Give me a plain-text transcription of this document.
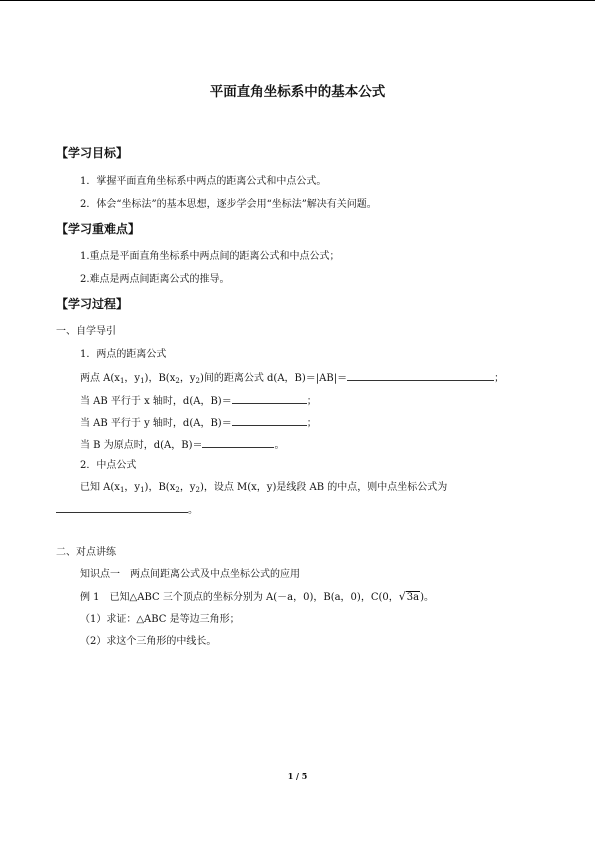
平面直角坐标系中的基本公式
【学习目标】
1．掌握平面直角坐标系中两点的距离公式和中点公式。
2．体会“坐标法”的基本思想，逐步学会用“坐标法”解决有关问题。
【学习重难点】
1.重点是平面直角坐标系中两点间的距离公式和中点公式；
2.难点是两点间距离公式的推导。
【学习过程】
一、自学导引
1．两点的距离公式
两点 $A(x_1$，$y_1$)，$B(x_2$，$y_2$)间的距离公式 d(A，B)＝|AB|＝	；
当 AB 平行于 x 轴时，d(A，B)＝	；
当 AB 平行于 y 轴时，d(A，B)＝	；
当 B 为原点时，d(A，B)＝	。
2．中点公式
已知 $A(x_1$，$y_1$)，$B(x_2$，$y_2$)，设点 M(x，y)是线段 AB 的中点，则中点坐标公式为
。
二、对点讲练
知识点一　两点间距离公式及中点坐标公式的应用
例 1　已知△ABC 三个顶点的坐标分别为 A(－a，0)，B(a，0)，C(0，√3a)。
（1）求证：△ABC 是等边三角形；
（2）求这个三角形的中线长。
1 / 5
